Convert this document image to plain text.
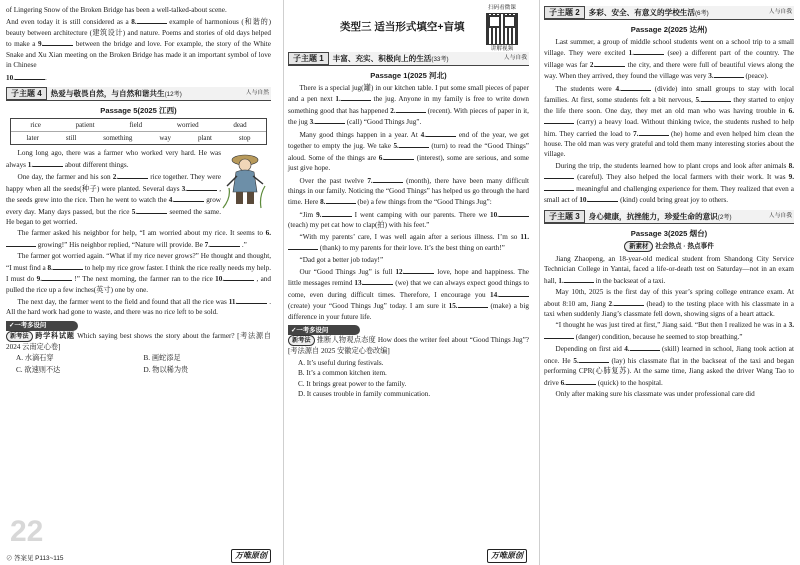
of Lingering Snow of the Broken Bridge has been a well-talked-about scene.

And even today it is still considered as a 8.	example of harmonious (和谐的) beauty between architecture (建筑设计) and nature. Poems and stories of old days helped to make a 9.	between the bridge and love. For example, the story of the White Snake and Xu Xian meeting on the Broken Bridge has made it an important symbol of love in Chinese

10.	.

子主题 4	热爱与敬畏自然，与自然和谐共生(12考)	人与自然
Passage 5(2025 江西)
rice	patient	field	worried	dead
later	still	something	way	plant	stop

Long long ago, there was a farmer who worked very hard. He was always 1.	about different things.

One day, the farmer and his son 2.	rice together. They were happy when all the seeds(种子) were planted. Several days 3.	, the seeds grew into the rice. Then he went to watch the 4.	grow every day. Many days passed, but the rice 5.	seemed the same. He began to get worried.

The farmer asked his neighbor for help, “I am worried about my rice. It seems to 6. growing!” His neighbor replied, “Nature will provide. Be 7.	.”

The farmer got worried again. “What if my rice never grows?” He thought and thought, “I must find a 8.	to help my rice grow faster. I think the rice really needs my help. I must do 9.	!” The next morning, the farmer ran to the rice 10.	, and pulled the rice up a few inches(英寸) one by one.

The next day, the farmer went to the field and found that all the rice was 11.	. All the hard work had gone to waste, and there was no rice left to be sold.

✓ 一考多设问

新考法 跨学科试题 Which saying best shows the story about the farmer? [考法源自 2024 云南定心卷]

A. 水滴石穿	B. 画蛇添足
C. 欲速则不达	D. 物以稀为贵
22
⊘ 答案见 P113~115	万唯原创
类型三 适当形式填空+盲填
扫码看微课
讲解视频
子主题 1	丰富、充实、积极向上的生活(33考)	人与自我
Passage 1(2025 河北)

There is a special jug(罐) in our kitchen table. I put some small pieces of paper and a pen next 1.	the jug. Anyone in my family is free to write down something good that has happened 2.	(recent). With pieces of paper in it, the jug 3.	(call) “Good Things Jug”.

Many good things happen in a year. At 4.	end of the year, we get together to empty the jug. We take 5.	(turn) to read the “Good Things” aloud. Some of the things are 6.	(interest), some are serious, and some just give hope.

Over the past twelve 7.	(month), there have been many difficult things in our family. Noticing the “Good Things” has helped us go through the hard time. Here 8.	(be) a few things from the “Good Things Jug”:

“Jim 9.	I went camping with our parents. There we 10. (teach) my pet cat how to clap(拍) with his feet.”

“With my parents’ care, I was well again after a serious illness. I’m so 11. (thank) to my parents for their love. It’s the best thing on earth!”

“Dad got a better job today!”

Our “Good Things Jug” is full 12.	love, hope and happiness. The little messages remind 13.	(we) that we can always expect good things to come, even during difficult times. Therefore, I encourage you 14. (create) your “Good Things Jug” today. I am sure it 15.	(make) a big difference in your future life.

✓ 一考多设问

新考法 推断人物观点态度 How does the writer feel about “Good Things Jug”? [考法源自 2025 安徽定心卷改编]

A. It’s useful during festivals.
B. It’s a common kitchen item.
C. It brings great power to the family.
D. It causes trouble in family communication.
万唯原创
子主题 2	多彩、安全、有意义的学校生活(6考)	人与自我
Passage 2(2025 达州)

Last summer, a group of middle school students went on a school trip to a small village. They were excited 1.	(see) a different part of the country. The village was far 2.	the city, and there were full of beautiful views along the way. When they arrived, they found the village was very 3.	(peace).

The students were 4.	(divide) into small groups to stay with local families. At first, some students felt a bit nervous, 5.	they started to enjoy the life there soon. One day, they met an old man who was having trouble in 6. (carry) a heavy load. Without thinking twice, the students rushed to help him. They carried the load to 7.	(he) home and even helped him clean the house. The old man was very grateful and told them many interesting stories about the village.

During the trip, the students learned how to plant crops and look after animals 8. (careful). They also helped the local farmers with their work. It was 9. meaningful and challenging experience for them. They realized that even a small act of 10.	(kind) could bring great joy to others.

子主题 3	身心健康，抗挫能力，珍爱生命的意识(2考)	人与自我
Passage 3(2025 烟台)
新素材 社会热点 · 热点事件

Jiang Zhaopeng, an 18-year-old medical student from Shandong City Service Technician College in Yantai, faced a life-or-death test on Saturday—not in an exam hall, 1.	in the backseat of a taxi.

May 10th, 2025 is the first day of this year’s spring college entrance exam. At about 8:10 am, Jiang 2.	(head) to the testing place with his classmate in a taxi when suddenly Jiang’s classmate fell down, showing signs of a heart attack.

“I thought he was just tired at first,” Jiang said. “But then I realized he was in a 3. (danger) condition, because he seemed to stop breathing.”

Depending on first aid 4.	(skill) learned in school, Jiang took action at once. He 5.	(lay) his classmate flat in the backseat of the taxi and began performing CPR(心肺复苏). At the same time, Jiang asked the driver Wang Tao to drive 6.	(quick) to the hospital.

Only after making sure his classmate was under professional care did
